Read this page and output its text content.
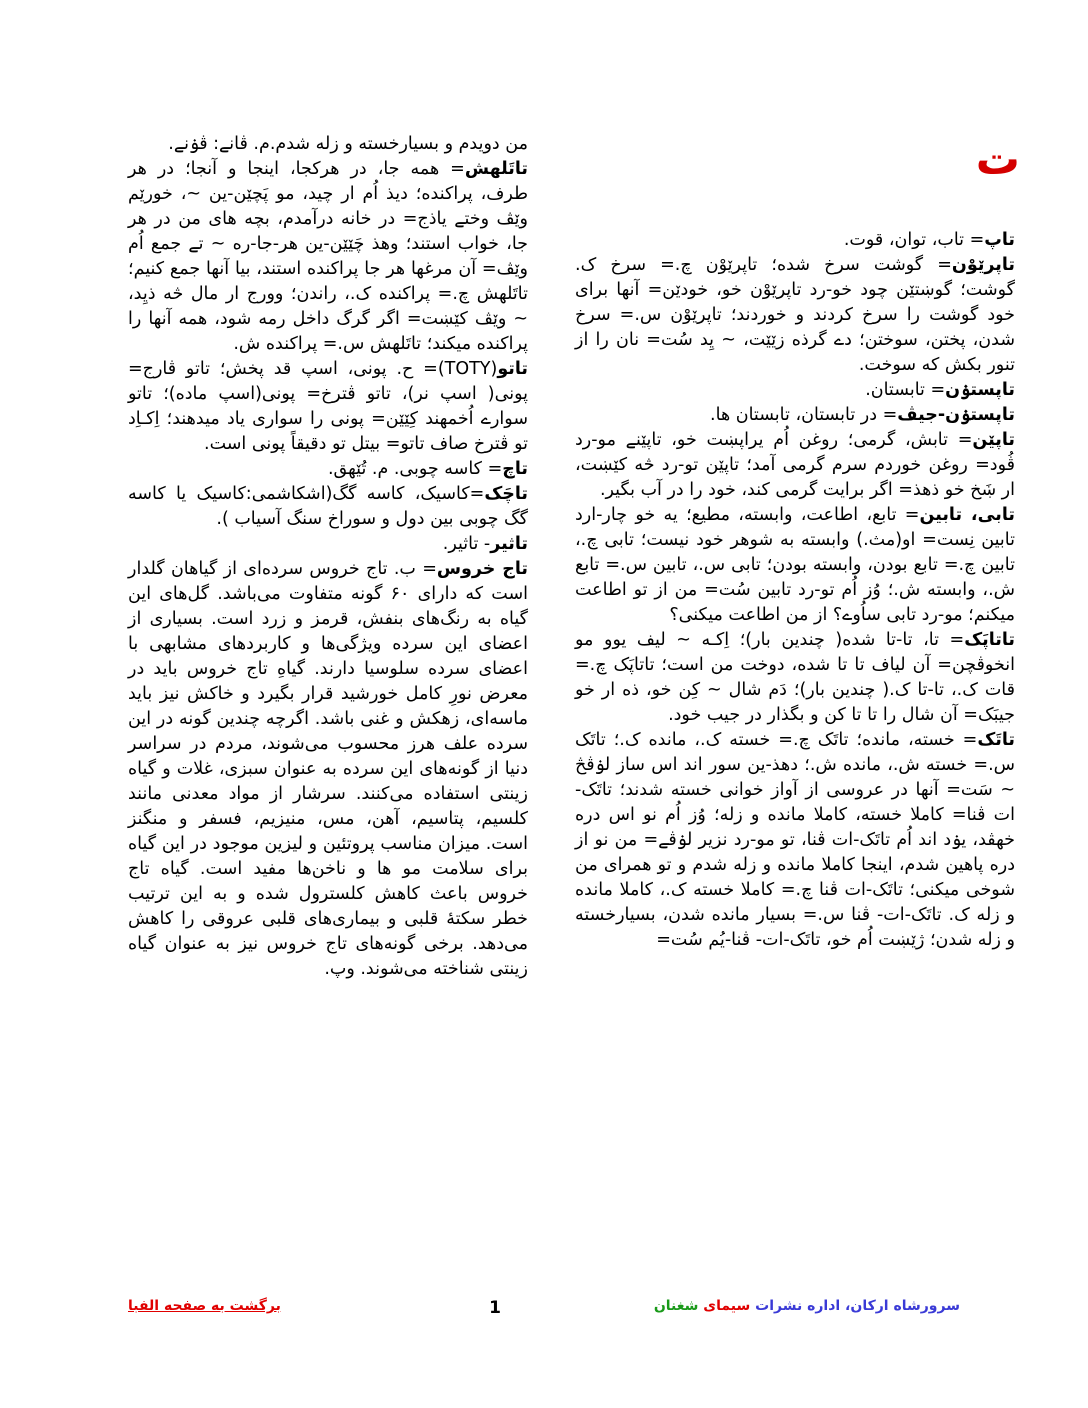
ت

تاپ= تاب، توان، قوت.

تاپرێوْن= گوشت سرخ شده؛ تاپرێوْن چ.= سرخ ک. گوشت؛ گوښتێن چود خو-رد تاپرێوْن خو، خودێن= آنها برای خود گوشت را سرخ کردند و خوردند؛ تاپرێوْن س.= سرخ شدن، پختن، سوختن؛ دے گرذه زێێت، ~ یِد سُت= نان را از تنور بکش که سوخت.

تاپستۏن= تابستان.

تاپستۏن-جیڤ= در تابستان، تابستان ها.

تاپێن= تابش، گرمی؛ روغن اُم یراپښت خو، تاپێنے مو-رد ڤُود= روغن خوردم سرم گرمی آمد؛ تاپێن تو-رد څه کێښت، ار ښَخ خو ذهذ= اگر برایت گرمی کند، خود را در آب بگیر.

تابی، تابین= تابع، اطاعت، وابسته، مطیع؛ یه خو چار-ارد تابین نِست= او(مث.) وابسته به شوهر خود نیست؛ تابی چ.، تابین چ.= تابع بودن، وابسته بودن؛ تابی س.، تابین س.= تابع ش.، وابسته ش.؛ وُز اُم تو-رد تابین سُت= من از تو اطاعت میکنم؛ مو-رد تابی ساُوے؟ از من اطاعت میکنی؟

تاتاپَک= تا، تا-تا شده( چندین بار)؛ اِکـه ~ لیف یوو مو انخوڤچن= آن لیاف تا تا شده، دوخت من است؛ تاتاپَک چ.= قات ک.، تا-تا ک.( چندین بار)؛ دَم شال ~ کِن خو، ذه ار خو جیبَک= آن شال را تا تا کن و بگذار در جیب خود.

تاتَک= خسته، مانده؛ تاتَک چ.= خسته ک.، مانده ک.؛ تاتَک س.= خسته ش.، مانده ش.؛ دهذ-ین سور اند اس ساز لۏڤڅ ~ سَت= آنها در عروسی از آواز خوانی خسته شدند؛ تاتَک-ات ڤنا= کاملا خسته، کاملا مانده و زله؛ وُز اُم نو اس دره خهڤد، یۏد اند اُم تاتَک-ات ڤنا، تو مو-رد نزیر لۏڤے= من نو از دره پاهین شدم، اینجا کاملا مانده و زله شدم و تو همرای من شوخی میکنی؛ تاتَک-ات ڤنا چ.= کاملا خسته ک.، کاملا مانده و زله ک. تاتَک-ات- ڤنا س.= بسیار مانده شدن، بسیارخسته و زله شدن؛ ژێښت اُم خو، تاتَک-ات- ڤنا-یُم سُت=

من دویدم و بسیارخسته و زله شدم.م. ڤانے: ڤۏنے.

تاتَلهش= همه جا، در هرکجا، اینجا و آنجا؛ در هر طرف، پراکنده؛ دیذ اُم ار چید، مو پَچێن-ین ~، خورێم وێڤ وختے یاذج= در خانه درآمدم، بچه های من در هر جا، خواب استند؛ وهذ چَێێن-ین هر-جا-ره ~ تے جمع اُم وێڤ= آن مرغها هر جا پراکنده استند، بیا آنها جمع کنیم؛ تاتَلهش چ.= پراکنده ک.، راندن؛ وورج ار مال څه ذیِد، ~ وێڤ کێښت= اگر گرگ داخل رمه شود، همه آنها را پراکنده میکند؛ تاتَلهش س.= پراکنده ش.

تاتو(TOTY)= ح. پونی، اسپ قد پخش؛ تاتو ڤارج= پونی( اسپ نر)، تاتو ڤترخ= پونی(اسپ ماده)؛ تاتو سوارے اُخمهند کِێێن= پونی را سواری یاد میدهند؛ اِکـاِد تو ڤترخ صاف تاتو= بیتل تو دقیقاً پونی است.

تاچ= کاسه چوبی. م. تُێهق.

تاچَک=کاسیک، کاسه گگ(اشکاشمی:کاسیک یا کاسه گگ چوبی بین دول و سوراخ سنگ آسیاب ).

تاثیر- تاثیر.

تاج خروس= ب. تاج خروس سرده‌ای از گیاهان گلدار است که دارای ۶۰ گونه متفاوت می‌باشد. گل‌های این گیاه به رنگ‌های بنفش، قرمز و زرد است. بسیاری از اعضای این سرده ویژگی‌ها و کاربردهای مشابهی با اعضای سرده سلوسیا دارند. گیاهِ تاج خروس باید در معرض نورِ کامل خورشید قرار بگیرد و خاکش نیز باید ماسه‌ای، زهکش و غنی باشد. اگرچه چندین گونه در این سرده علف هرز محسوب می‌شوند، مردم در سراسر دنیا از گونه‌های این سرده به عنوان سبزی، غلات و گیاه زینتی استفاده می‌کنند. سرشار از مواد معدنی مانند کلسیم، پتاسیم، آهن، مس، منیزیم، فسفر و منگنز است. میزان مناسب پروتئین و لیزین موجود در این گیاه برای سلامت مو ها و ناخن‌ها مفید است. گیاه تاج خروس باعث کاهش کلسترول شده و به این ترتیب خطر سکتهٔ قلبی و بیماری‌های قلبی عروقی را کاهش می‌دهد. برخی گونه‌های تاج خروس نیز به عنوان گیاه زینتی شناخته می‌شوند. وپ.

سرورشاه ارکان، اداره نشرات سیمای شغنان
1
برگشت به صفحه الفبا
